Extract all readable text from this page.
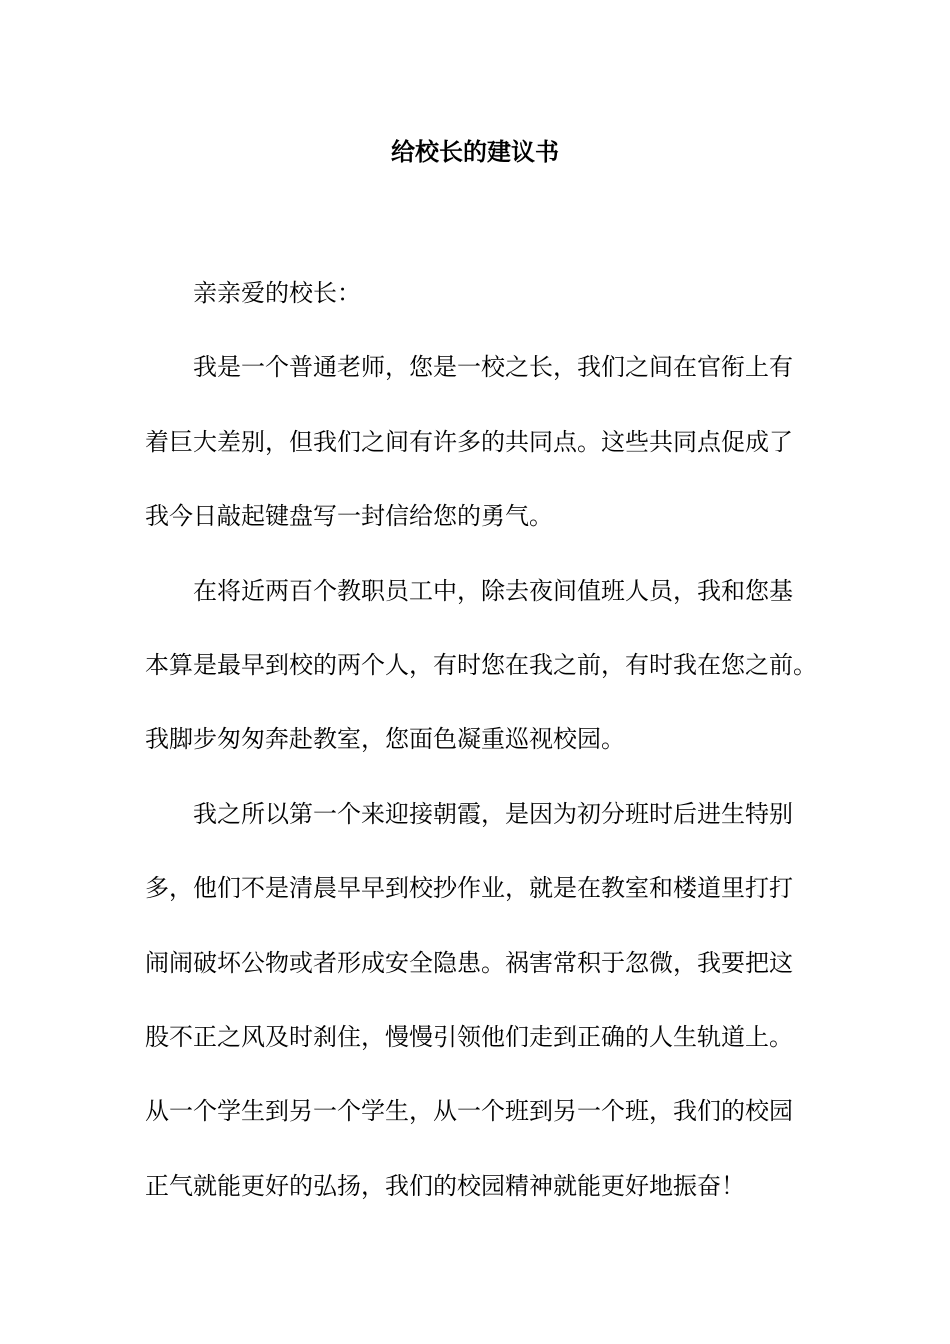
给校长的建议书
亲亲爱的校长：
我是一个普通老师，您是一校之长，我们之间在官衔上有
着巨大差别，但我们之间有许多的共同点。这些共同点促成了
我今日敲起键盘写一封信给您的勇气。
在将近两百个教职员工中，除去夜间值班人员，我和您基
本算是最早到校的两个人，有时您在我之前，有时我在您之前。
我脚步匆匆奔赴教室，您面色凝重巡视校园。
我之所以第一个来迎接朝霞，是因为初分班时后进生特别
多，他们不是清晨早早到校抄作业，就是在教室和楼道里打打
闹闹破坏公物或者形成安全隐患。祸害常积于忽微，我要把这
股不正之风及时刹住，慢慢引领他们走到正确的人生轨道上。
从一个学生到另一个学生，从一个班到另一个班，我们的校园
正气就能更好的弘扬，我们的校园精神就能更好地振奋！
